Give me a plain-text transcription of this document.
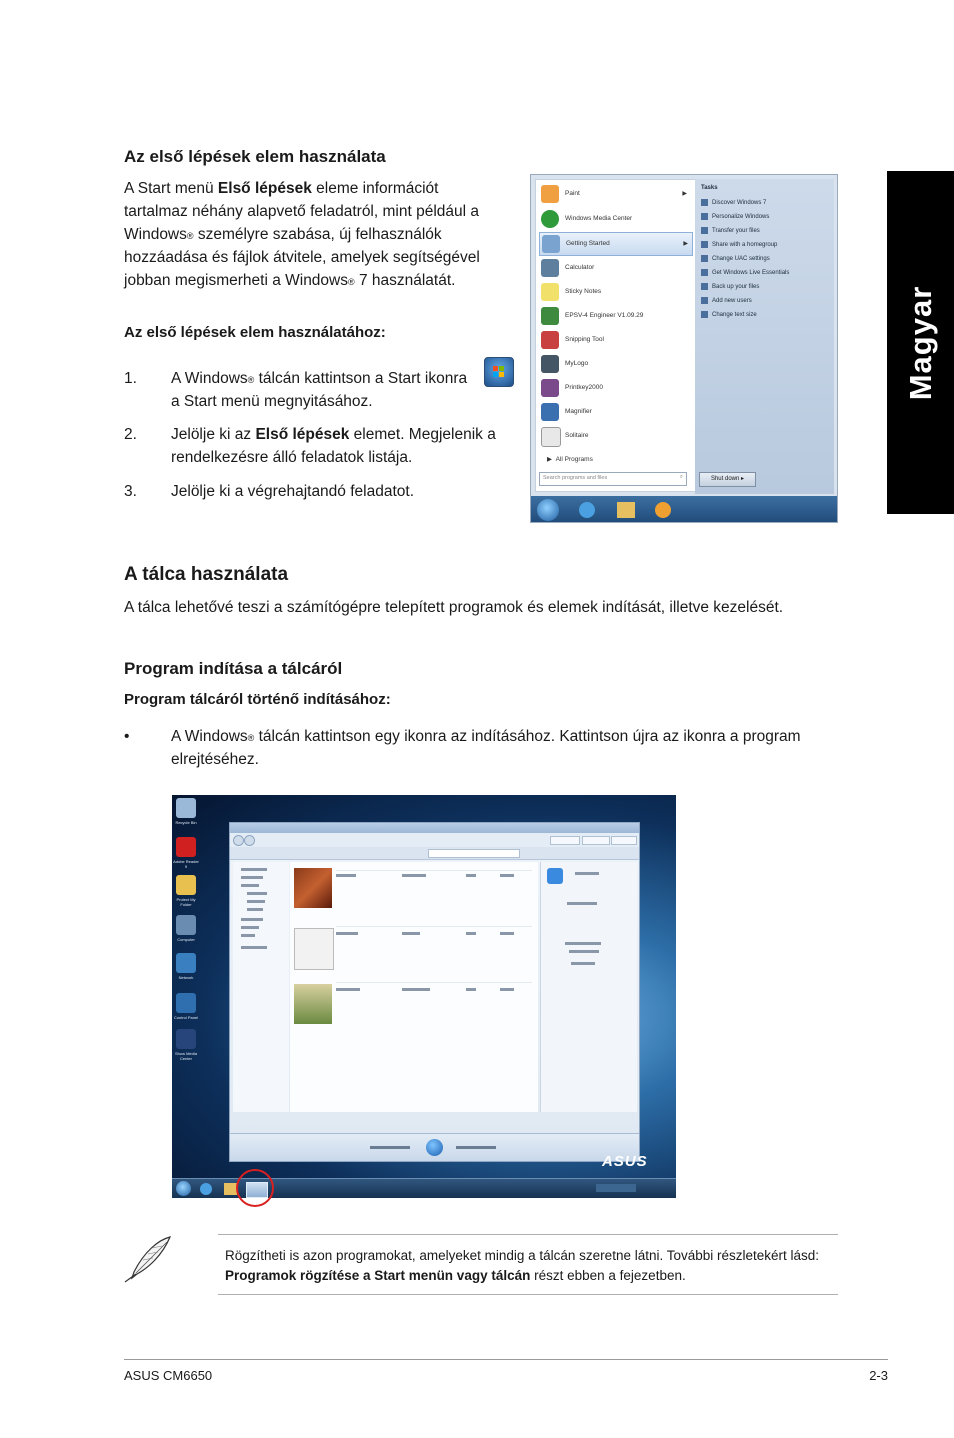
Magyar
Az első lépések elem használata
A Start menü Első lépések eleme információt tartalmaz néhány alapvető feladatról, mint például a Windows® személyre szabása, új felhasználók hozzáadása és fájlok átvitele, amelyek segítségével jobban megismerheti a Windows® 7 használatát.
Az első lépések elem használatához:
1. A Windows® tálcán kattintson a Start ikonra
a Start menü megnyitásához.
2. Jelölje ki az Első lépések elemet. Megjelenik a
rendelkezésre álló feladatok listája.
3. Jelölje ki a végrehajtandó feladatot.
Paint	▶
Windows Media Center
Getting Started	▶
Calculator
Sticky Notes
EPSV-4 Engineer V1.09.29
Snipping Tool
MyLogo
Printkey2000
Magnifier
Solitaire
▶  All Programs
Tasks
Discover Windows 7
Personalize Windows
Transfer your files
Share with a homegroup
Change UAC settings
Get Windows Live Essentials
Back up your files
Add new users
Change text size
Search programs and files	⌕	Shut down ▸
A tálca használata
A tálca lehetővé teszi a számítógépre telepített programok és elemek indítását, illetve kezelését.
Program indítása a tálcáról
Program tálcáról történő indításához:
•	A Windows® tálcán kattintson egy ikonra az indításához. Kattintson újra az ikonra a program
elrejtéséhez.
Recycle Bin
Adobe Reader 9
Protect My Folder
Computer
Network
Control Panel
Show Media Center
ASUS
Rögzítheti is azon programokat, amelyeket mindig a tálcán szeretne látni. További részletekért lásd: Programok rögzítése a Start menün vagy tálcán részt ebben a fejezetben.
ASUS CM6650	2-3
